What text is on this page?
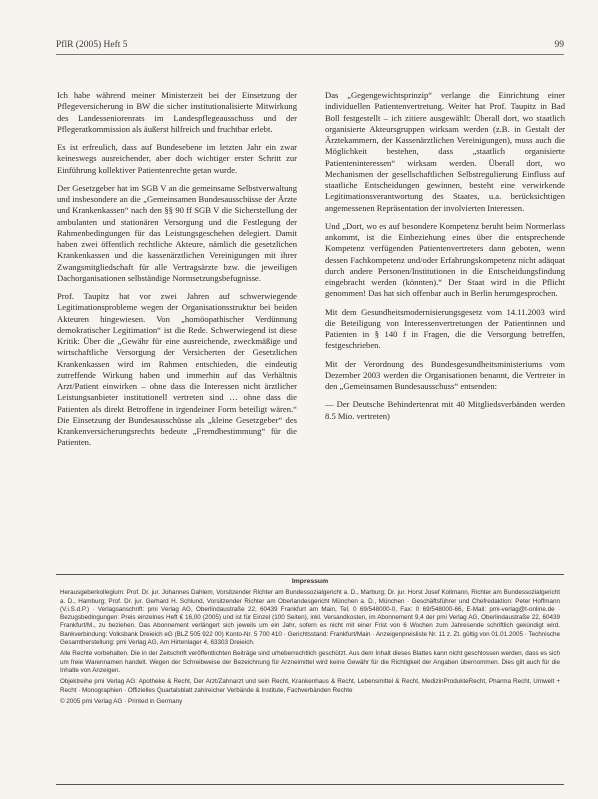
PflR (2005) Heft 5	99

Ich habe während meiner Ministerzeit bei der Einsetzung der Pflegeversicherung in BW die sicher institutionalisierte Mitwirkung des Landesseniorenrats im Landespflegeausschuss und der Pflegeratkommission als äußerst hilfreich und fruchtbar erlebt.

Es ist erfreulich, dass auf Bundesebene im letzten Jahr ein zwar keineswegs ausreichender, aber doch wichtiger erster Schritt zur Einführung kollektiver Patientenrechte getan wurde.

Der Gesetzgeber hat im SGB V an die gemeinsame Selbstverwaltung und insbesondere an die „Gemeinsamen Bundesausschüsse der Ärzte und Krankenkassen“ nach den §§ 90 ff SGB V die Sicherstellung der ambulanten und stationären Versorgung und die Festlegung der Rahmenbedingungen für das Leistungsgeschehen delegiert. Damit haben zwei öffentlich rechtliche Akteure, nämlich die gesetzlichen Krankenkassen und die kassenärztlichen Vereinigungen mit ihrer Zwangsmitgliedschaft für alle Vertragsärzte bzw. die jeweiligen Dachorganisationen selbständige Normsetzungsbefugnisse.

Prof. Taupitz hat vor zwei Jahren auf schwerwiegende Legitimationsprobleme wegen der Organisationsstruktur bei beiden Akteuren hingewiesen. Von „homöopathischer Verdünnung demokratischer Legitimation“ ist die Rede. Schwerwiegend ist diese Kritik: Über die „Gewähr für eine ausreichende, zweckmäßige und wirtschaftliche Versorgung der Versicherten der Gesetzlichen Krankenkassen wird im Rahmen entschieden, die eindeutig zutreffende Wirkung haben und immerhin auf das Verhältnis Arzt/Patient einwirken – ohne dass die Interessen nicht ärztlicher Leistungsanbieter institutionell vertreten sind … ohne dass die Patienten als direkt Betroffene in irgendeiner Form beteiligt wären.“ Die Einsetzung der Bundesausschüsse als „kleine Gesetzgeber“ des Krankenversicherungsrechts bedeute „Fremdbestimmung“ für die Patienten.

Das „Gegengewichtsprinzip“ verlange die Einrichtung einer individuellen Patientenvertretung. Weiter hat Prof. Taupitz in Bad Boll festgestellt – ich zitiere ausgewählt: Überall dort, wo staatlich organisierte Akteursgruppen wirksam werden (z.B. in Gestalt der Ärztekammern, der Kassenärztlichen Vereinigungen), muss auch die Möglichkeit bestehen, dass „staatlich organisierte Patienteninteressen“ wirksam werden. Überall dort, wo Mechanismen der gesellschaftlichen Selbstregulierung Einfluss auf staatliche Entscheidungen gewinnen, besteht eine verwirkende Legitimationsverantwortung des Staates, u.a. berücksichtigen angemessenen Repräsentation der involvierten Interessen.

Und „Dort, wo es auf besondere Kompetenz beruht beim Normerlass ankommt, ist die Einbeziehung eines über die entsprechende Kompetenz verfügenden Patientenvertreters dann geboten, wenn dessen Fachkompetenz und/oder Erfahrungskompetenz nicht adäquat durch andere Personen/Institutionen in die Entscheidungsfindung eingebracht werden (könnten).“ Der Staat wird in die Pflicht genommen! Das hat sich offenbar auch in Berlin herumgesprochen.

Mit dem Gesundheitsmodernisierungsgesetz vom 14.11.2003 wird die Beteiligung von Interessenvertretungen der Patientinnen und Patienten in § 140 f in Fragen, die die Versorgung betreffen, festgeschrieben.

Mit der Verordnung des Bundesgesundheitsministeriums vom Dezember 2003 werden die Organisationen benannt, die Vertreter in den „Gemeinsamen Bundesausschuss“ entsenden:

— Der Deutsche Behindertenrat mit 40 Mitgliedsverbänden werden 8.5 Mio. vertreten)

Impressum

Herausgeberkollegium: Prof. Dr. jur. Johannes Dahlem, Vorsitzender Richter am Bundessozialgericht a. D., Marburg; Dr. jur. Horst Josef Kollmann, Richter am Bundessozialgericht a. D., Hamburg; Prof. Dr. jur. Gerhard H. Schlund, Vorsitzender Richter am Oberlandesgericht München a. D., München · Geschäftsführer und Chefredaktion: Peter Hoffmann (V.i.S.d.P.) · Verlagsanschrift: pmi Verlag AG, Oberlindaustraße 22, 60439 Frankfurt am Main, Tel. 0 69/548000-0, Fax: 0 69/548000-66, E-Mail: pmi-verlag@t-online.de · Bezugsbedingungen: Preis einzelnes Heft € 16,00 (2005) und ist für Einzel (100 Seiten), inkl. Versandkosten, im Abonnement 9,4 der pmi Verlag AG, Oberlindaustraße 22, 60439 Frankfurt/M., zu beziehen. Das Abonnement verlängert sich jeweils um ein Jahr, sofern es nicht mit einer Frist von 6 Wochen zum Jahresende schriftlich gekündigt wird. Bankverbindung: Volksbank Dreieich eG (BLZ 505 922 00) Konto-Nr. 5 700 410 · Gerichtsstand: Frankfurt/Main · Anzeigenpreisliste Nr. 11 z. Zt. gültig von 01.01.2005 · Technische Gesamtherstellung: pmi Verlag AG, Am Hirtenlager 4, 63303 Dreieich.

Alle Rechte vorbehalten. Die in der Zeitschrift veröffentlichten Beiträge sind urheberrechtlich geschützt. Aus dem Inhalt dieses Blattes kann nicht geschlossen werden, dass es sich um freie Warennamen handelt. Wegen der Schreibweise der Bezeichnung für Arzneimittel wird keine Gewähr für die Richtigkeit der Angaben übernommen. Dies gilt auch für die Inhalte von Anzeigen.

Objektreihe pmi Verlag AG: Apotheke & Recht, Der Arzt/Zahnarzt und sein Recht, Krankenhaus & Recht, Lebensmittel & Recht, MedizinProdukteRecht, Pharma Recht, Umwelt + Recht · Monographien · Offizielles Quartalsblatt zahlreicher Verbände & Institute, Fachverbänden Rechte

© 2005 pmi Verlag AG · Printed in Germany
